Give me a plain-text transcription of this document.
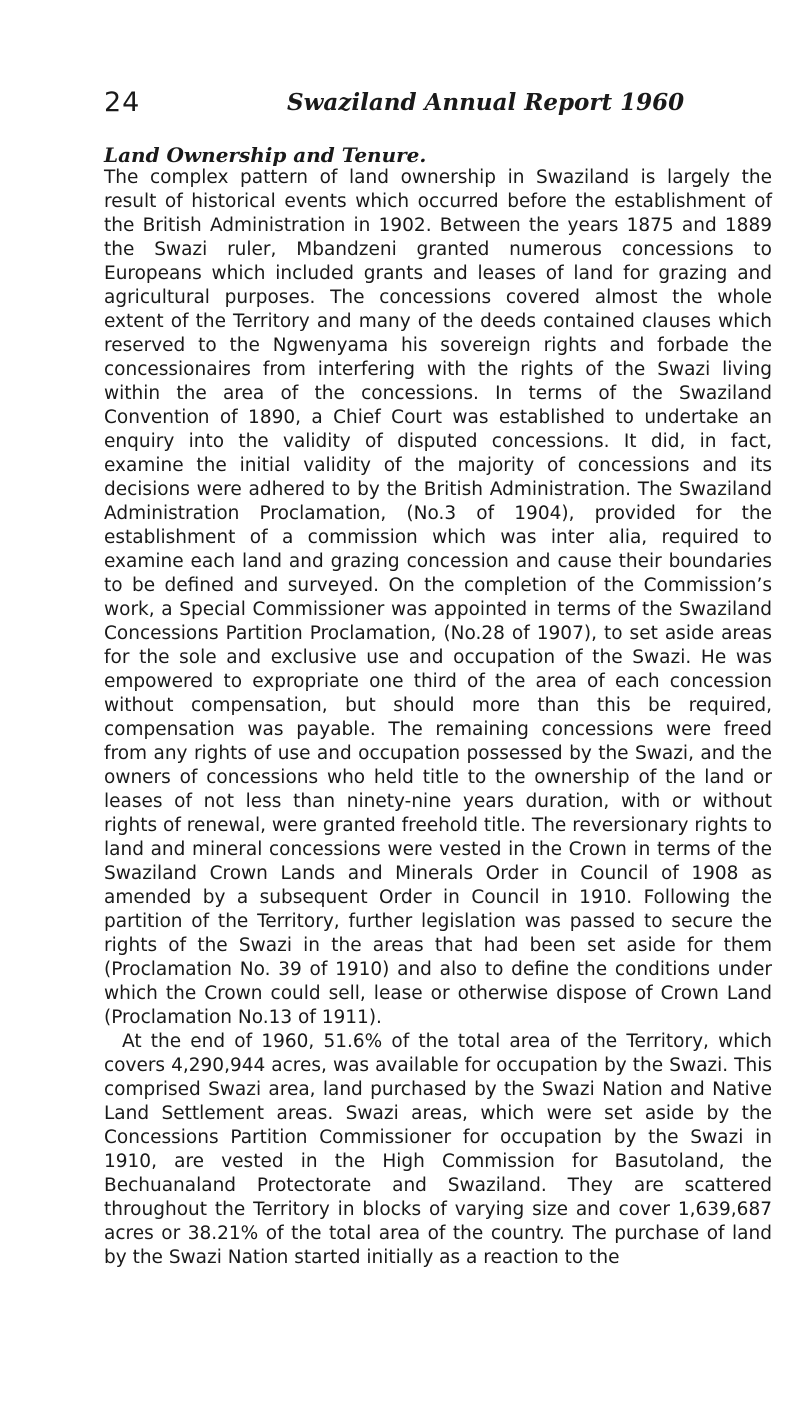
24	Swaziland Annual Report 1960
Land Ownership and Tenure.

The complex pattern of land ownership in Swaziland is largely the result of historical events which occurred before the establishment of the British Administration in 1902. Between the years 1875 and 1889 the Swazi ruler, Mbandzeni granted numerous concessions to Europeans which included grants and leases of land for grazing and agricultural purposes. The concessions covered almost the whole extent of the Territory and many of the deeds contained clauses which reserved to the Ngwenyama his sovereign rights and forbade the concessionaires from interfering with the rights of the Swazi living within the area of the concessions. In terms of the Swaziland Convention of 1890, a Chief Court was established to undertake an enquiry into the validity of disputed concessions. It did, in fact, examine the initial validity of the majority of concessions and its decisions were adhered to by the British Administration. The Swaziland Administration Proclamation, (No.3 of 1904), provided for the establishment of a commission which was inter alia, required to examine each land and grazing concession and cause their boundaries to be defined and surveyed. On the completion of the Commission’s work, a Special Commissioner was appointed in terms of the Swaziland Concessions Partition Proclamation, (No.28 of 1907), to set aside areas for the sole and exclusive use and occupation of the Swazi. He was empowered to expropriate one third of the area of each concession without compensation, but should more than this be required, compensation was payable. The remaining concessions were freed from any rights of use and occupation possessed by the Swazi, and the owners of concessions who held title to the ownership of the land or leases of not less than ninety-nine years duration, with or without rights of renewal, were granted freehold title. The reversionary rights to land and mineral concessions were vested in the Crown in terms of the Swaziland Crown Lands and Minerals Order in Council of 1908 as amended by a subsequent Order in Council in 1910. Following the partition of the Territory, further legislation was passed to secure the rights of the Swazi in the areas that had been set aside for them (Proclamation No. 39 of 1910) and also to define the conditions under which the Crown could sell, lease or otherwise dispose of Crown Land (Proclamation No.13 of 1911).

At the end of 1960, 51.6% of the total area of the Territory, which covers 4,290,944 acres, was available for occupation by the Swazi. This comprised Swazi area, land purchased by the Swazi Nation and Native Land Settlement areas. Swazi areas, which were set aside by the Concessions Partition Commissioner for occupation by the Swazi in 1910, are vested in the High Commission for Basutoland, the Bechuanaland Protectorate and Swaziland. They are scattered throughout the Territory in blocks of varying size and cover 1,639,687 acres or 38.21% of the total area of the country. The purchase of land by the Swazi Nation started initially as a reaction to the
